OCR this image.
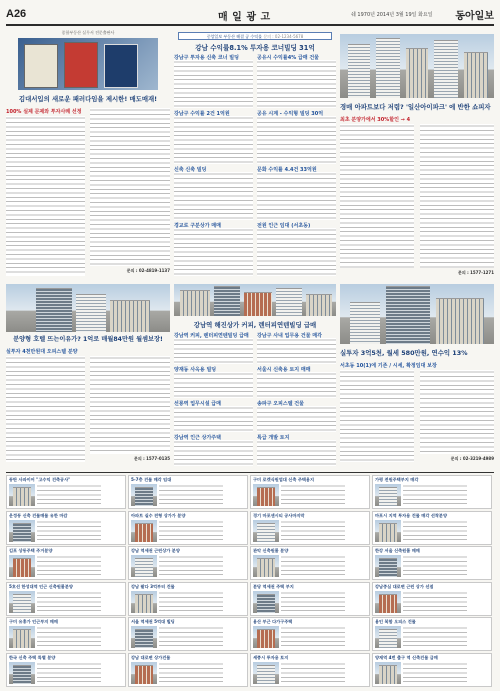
A26	매 일 광 고	쉐 1970년 2014년 3월 19일 화요일 동아일보
종합부동산 실무서 전문출판사
김대서입의 새로운 패러다임을 제시한! 매도매재!
100% 실제 문제와 투자사례 선정
문의 : 02-4819-1137
중앙일보 부동산 해결 공 수익률 문의 : 02-1234-5678
강남 수익률8.1% 투자용 코너빌딩 31억
강남구 투자용 신축 코너 빌딩	공유시 수익률4% 급매 건물
강남구 수익률 2건 1억원	공유 시계 - 수익형 빌딩 30억
신축 신축 빌딩	문화 수익률 4.4건 33억원
경교로 구분상가 매매	전원 인근 임대 (서초동)
경매 아파트보다 저렴? '일산아이파크' 에 반한 쇼피자
최초 분양가에서 30%할인 → 4
문의 : 1577-1271
분양형 호텔 뜨는이유가? 1억로 매월84만원 월셈보장!
실투자 4천만원대 오피스텔 분양
문의 : 1577-0135
강남역 해진상가 커피, 렌터피연텐빌딩 급매
강남역 커피, 렌터피연텐빌딩 급매	강남구 사내 업무용 건물 매각
양재동 사옥용 빌딩	서울시 신축용 토지 매매
선릉역 업무시설 급매	송파구 오피스텔 건물
강남역 인근 상가주택	특급 개발 토지
실투자 3억5천, 월세 580만원, 연수익 13%
서초동 10(1)에 기존 / 시세, 확정임대 보장
문의 : 02-3219-4989
동탄 사파이어 "고수익 건축공사"	5-7층 건물 매각 임대	구미 로켓식원업대 신축 주택용지	가평 전원주택부지 매각
운정동 신축 건물매물 유한 마감	아파트 실수 전형 상가가 분양	경기 마포센시티 공사마지막	마포시 지역 투자용 건물 매각 선착분양
김포 상동주택 주거분양	강남 역세권 근린상가 분양	관악 신축원룸 분양	한강 서울 신축원룸 매매
5호선 한성대역 인근 신축원룸분양	강남 팔다 3억부터 건물	분당 역세권 주택 부지	강남중심 대로변 근린 상가 선점
구미 유흥가 인근부지 매매	서울 역세권 5억대 빌딩	용산 부근 다가구주택	용인 복합 오피스 건물
한국 신축 주택 특별 분양	강남 대로변 상가건물	세종시 투자용 토지	양재역 4번 출구 역 신축건물 급매
